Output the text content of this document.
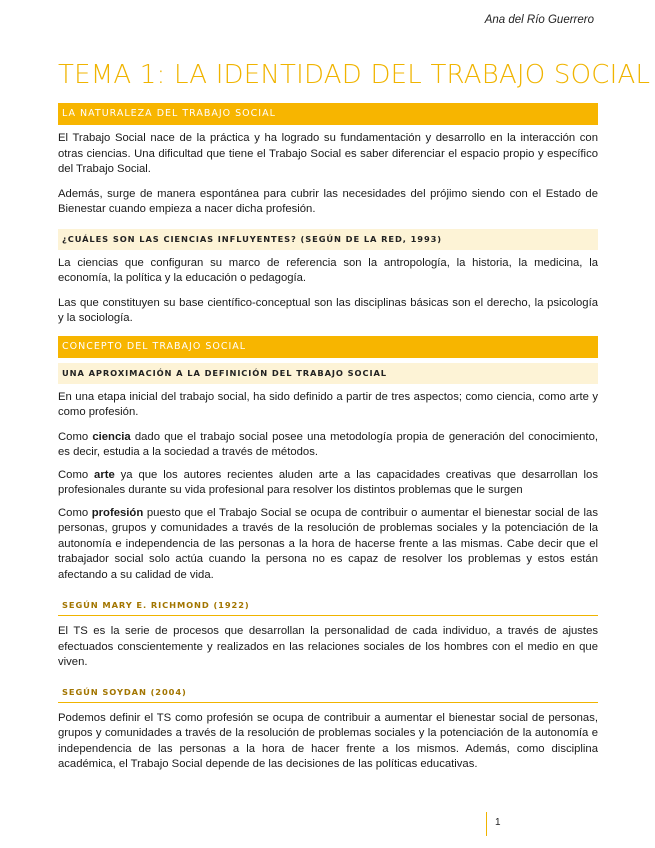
Ana del Río Guerrero
TEMA 1: LA IDENTIDAD DEL TRABAJO SOCIAL
LA NATURALEZA DEL TRABAJO SOCIAL

El Trabajo Social nace de la práctica y ha logrado su fundamentación y desarrollo en la interacción con otras ciencias. Una dificultad que tiene el Trabajo Social es saber diferenciar el espacio propio y específico del Trabajo Social.

Además, surge de manera espontánea para cubrir las necesidades del prójimo siendo con el Estado de Bienestar cuando empieza a nacer dicha profesión.

¿CUÁLES SON LAS CIENCIAS INFLUYENTES? (SEGÚN DE LA RED, 1993)

La ciencias que configuran su marco de referencia son la antropología, la historia, la medicina, la economía, la política y la educación o pedagogía.

Las que constituyen su base científico-conceptual son las disciplinas básicas son el derecho, la psicología y la sociología.

CONCEPTO DEL TRABAJO SOCIAL
UNA APROXIMACIÓN A LA DEFINICIÓN DEL TRABAJO SOCIAL

En una etapa inicial del trabajo social, ha sido definido a partir de tres aspectos; como ciencia, como arte y como profesión.

Como ciencia dado que el trabajo social posee una metodología propia de generación del conocimiento, es decir, estudia a la sociedad a través de métodos.

Como arte ya que los autores recientes aluden arte a las capacidades creativas que desarrollan los profesionales durante su vida profesional para resolver los distintos problemas que le surgen

Como profesión puesto que el Trabajo Social se ocupa de contribuir o aumentar el bienestar social de las personas, grupos y comunidades a través de la resolución de problemas sociales y la potenciación de la autonomía e independencia de las personas a la hora de hacerse frente a las mismas. Cabe decir que el trabajador social solo actúa cuando la persona no es capaz de resolver los problemas y estos están afectando a su calidad de vida.

SEGÚN MARY E. RICHMOND (1922)

El TS es la serie de procesos que desarrollan la personalidad de cada individuo, a través de ajustes efectuados conscientemente y realizados en las relaciones sociales de los hombres con el medio en que viven.

SEGÚN SOYDAN (2004)

Podemos definir el TS como profesión se ocupa de contribuir a aumentar el bienestar social de personas, grupos y comunidades a través de la resolución de problemas sociales y la potenciación de la autonomía e independencia de las personas a la hora de hacer frente a los mismos. Además, como disciplina académica, el Trabajo Social depende de las decisiones de las políticas educativas.

1
